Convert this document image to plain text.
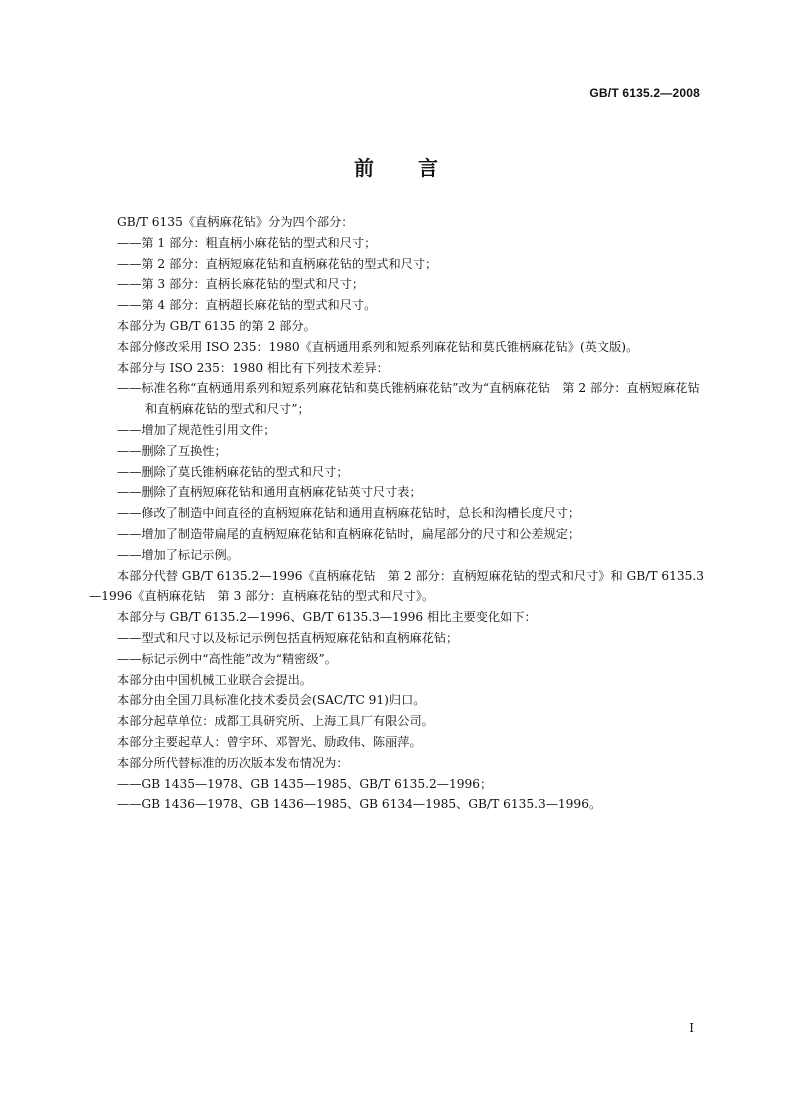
GB/T 6135.2—2008
前言

GB/T 6135《直柄麻花钻》分为四个部分：

——第 1 部分：粗直柄小麻花钻的型式和尺寸；

——第 2 部分：直柄短麻花钻和直柄麻花钻的型式和尺寸；

——第 3 部分：直柄长麻花钻的型式和尺寸；

——第 4 部分：直柄超长麻花钻的型式和尺寸。

本部分为 GB/T 6135 的第 2 部分。

本部分修改采用 ISO 235：1980《直柄通用系列和短系列麻花钻和莫氏锥柄麻花钻》(英文版)。

本部分与 ISO 235：1980 相比有下列技术差异：

——标准名称“直柄通用系列和短系列麻花钻和莫氏锥柄麻花钻”改为“直柄麻花钻　第 2 部分：直柄短麻花钻和直柄麻花钻的型式和尺寸”；

——增加了规范性引用文件；

——删除了互换性；

——删除了莫氏锥柄麻花钻的型式和尺寸；

——删除了直柄短麻花钻和通用直柄麻花钻英寸尺寸表；

——修改了制造中间直径的直柄短麻花钻和通用直柄麻花钻时，总长和沟槽长度尺寸；

——增加了制造带扁尾的直柄短麻花钻和直柄麻花钻时，扁尾部分的尺寸和公差规定；

——增加了标记示例。

本部分代替 GB/T 6135.2—1996《直柄麻花钻　第 2 部分：直柄短麻花钻的型式和尺寸》和 GB/T 6135.3—1996《直柄麻花钻　第 3 部分：直柄麻花钻的型式和尺寸》。

本部分与 GB/T 6135.2—1996、GB/T 6135.3—1996 相比主要变化如下：

——型式和尺寸以及标记示例包括直柄短麻花钻和直柄麻花钻；

——标记示例中“高性能”改为“精密级”。

本部分由中国机械工业联合会提出。

本部分由全国刀具标准化技术委员会(SAC/TC 91)归口。

本部分起草单位：成都工具研究所、上海工具厂有限公司。

本部分主要起草人：曾宇环、邓智光、励政伟、陈丽萍。

本部分所代替标准的历次版本发布情况为：

——GB 1435—1978、GB 1435—1985、GB/T 6135.2—1996；

——GB 1436—1978、GB 1436—1985、GB 6134—1985、GB/T 6135.3—1996。

I
